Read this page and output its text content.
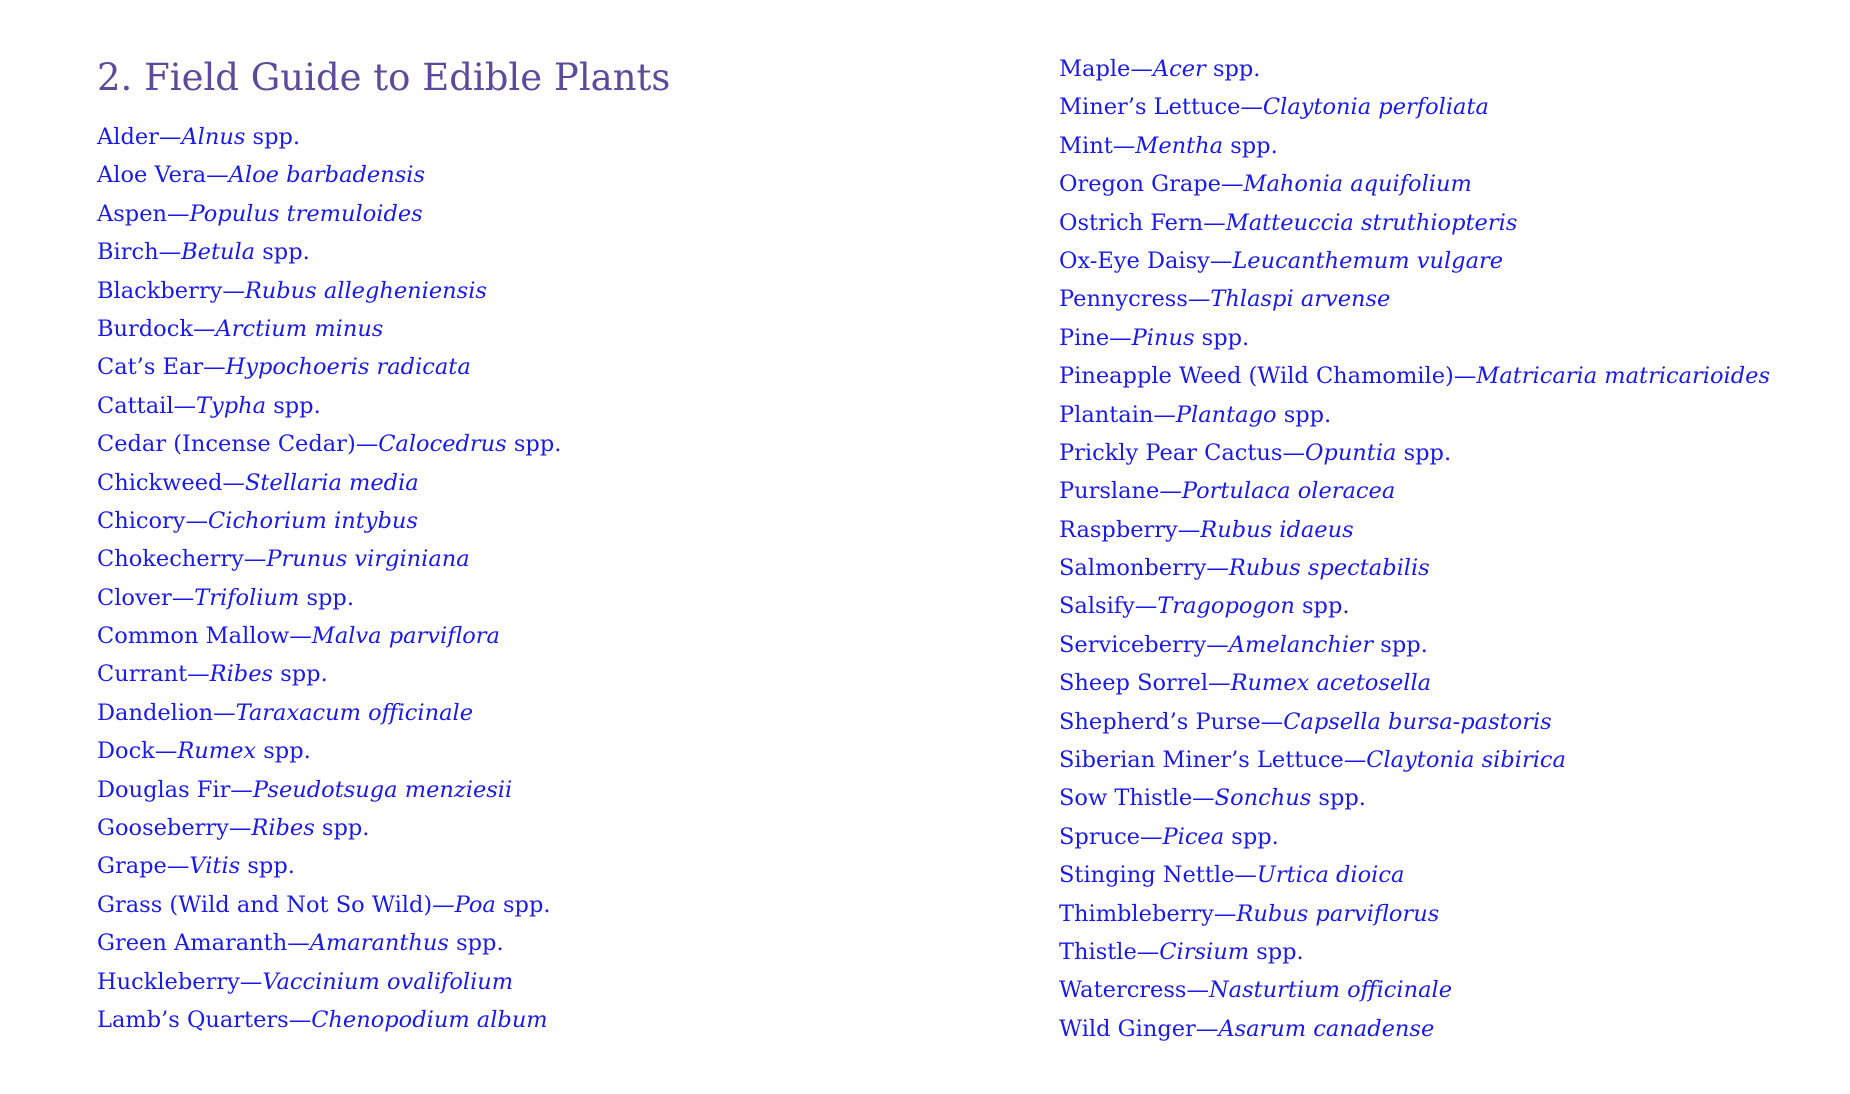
2. Field Guide to Edible Plants
Alder—Alnus spp.
Aloe Vera—Aloe barbadensis
Aspen—Populus tremuloides
Birch—Betula spp.
Blackberry—Rubus allegheniensis
Burdock—Arctium minus
Cat’s Ear—Hypochoeris radicata
Cattail—Typha spp.
Cedar (Incense Cedar)—Calocedrus spp.
Chickweed—Stellaria media
Chicory—Cichorium intybus
Chokecherry—Prunus virginiana
Clover—Trifolium spp.
Common Mallow—Malva parviflora
Currant—Ribes spp.
Dandelion—Taraxacum officinale
Dock—Rumex spp.
Douglas Fir—Pseudotsuga menziesii
Gooseberry—Ribes spp.
Grape—Vitis spp.
Grass (Wild and Not So Wild)—Poa spp.
Green Amaranth—Amaranthus spp.
Huckleberry—Vaccinium ovalifolium
Lamb’s Quarters—Chenopodium album
Maple—Acer spp.
Miner’s Lettuce—Claytonia perfoliata
Mint—Mentha spp.
Oregon Grape—Mahonia aquifolium
Ostrich Fern—Matteuccia struthiopteris
Ox-Eye Daisy—Leucanthemum vulgare
Pennycress—Thlaspi arvense
Pine—Pinus spp.
Pineapple Weed (Wild Chamomile)—Matricaria matricarioides
Plantain—Plantago spp.
Prickly Pear Cactus—Opuntia spp.
Purslane—Portulaca oleracea
Raspberry—Rubus idaeus
Salmonberry—Rubus spectabilis
Salsify—Tragopogon spp.
Serviceberry—Amelanchier spp.
Sheep Sorrel—Rumex acetosella
Shepherd’s Purse—Capsella bursa-pastoris
Siberian Miner’s Lettuce—Claytonia sibirica
Sow Thistle—Sonchus spp.
Spruce—Picea spp.
Stinging Nettle—Urtica dioica
Thimbleberry—Rubus parviflorus
Thistle—Cirsium spp.
Watercress—Nasturtium officinale
Wild Ginger—Asarum canadense
